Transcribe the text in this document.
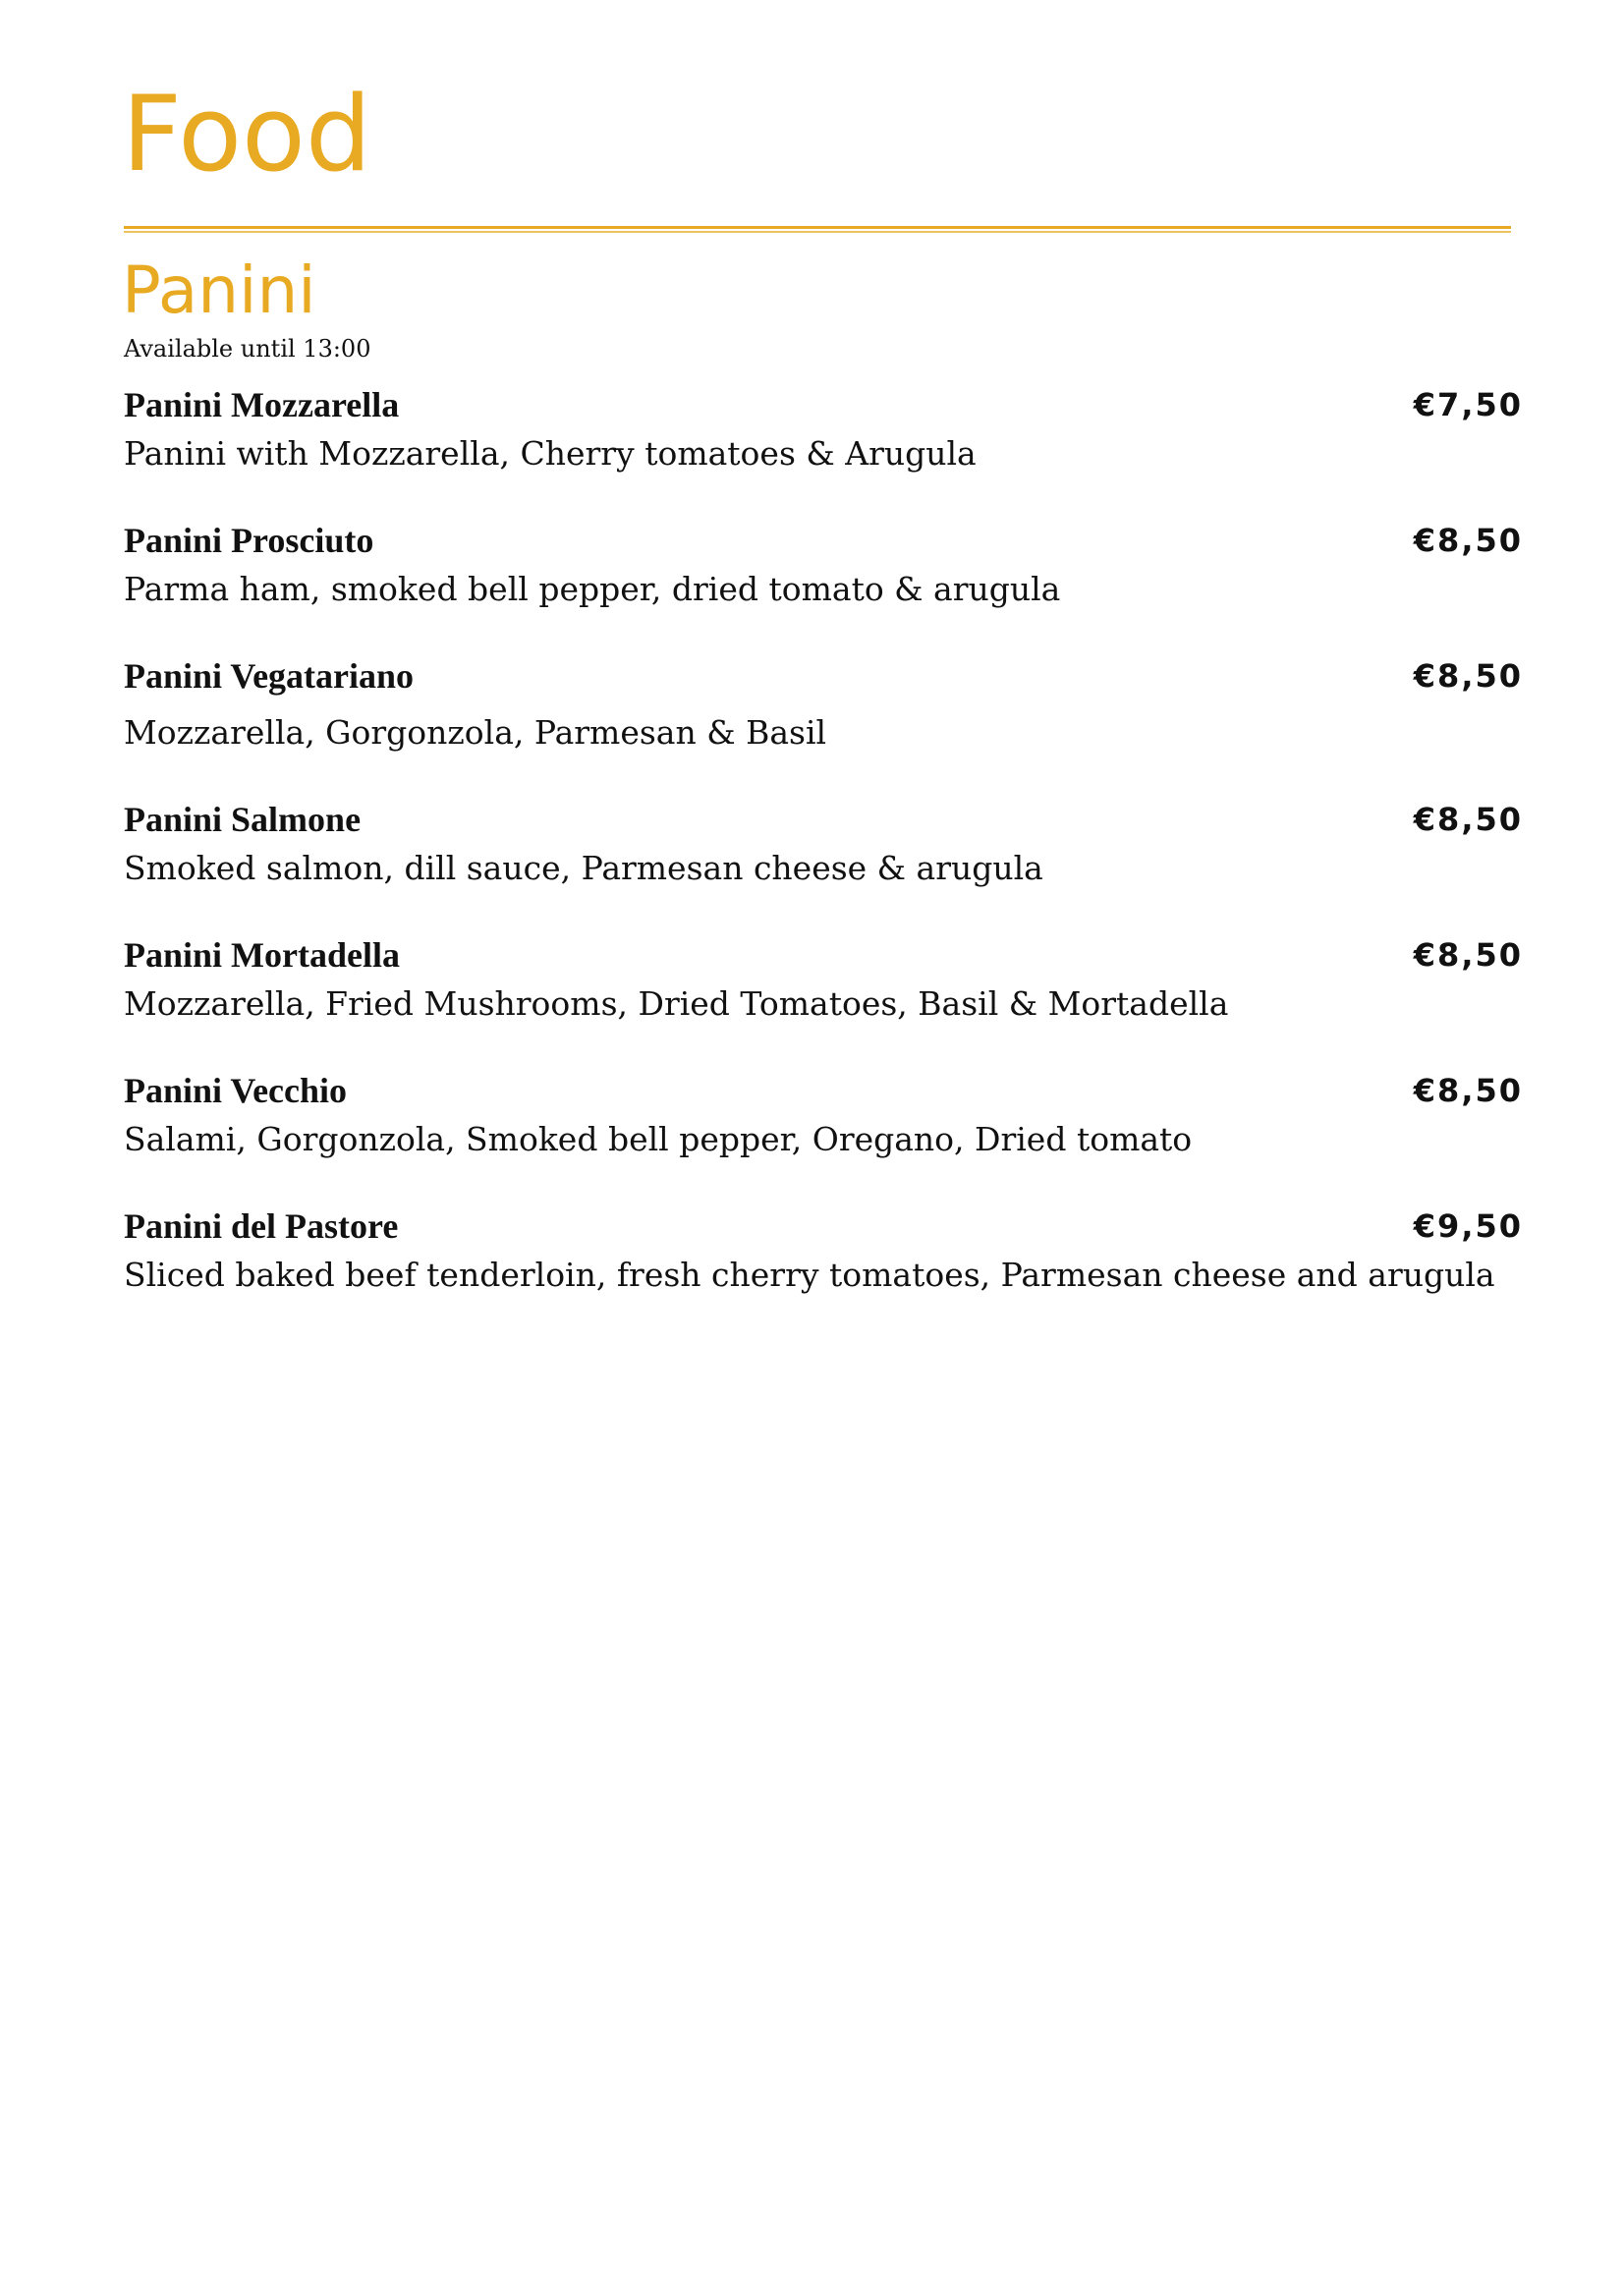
Food
Panini
Available until 13:00
Panini Mozzarella	€7,50
Panini with Mozzarella, Cherry tomatoes & Arugula
Panini Prosciuto	€8,50
Parma ham, smoked bell pepper, dried tomato & arugula
Panini Vegatariano	€8,50
Mozzarella, Gorgonzola, Parmesan & Basil
Panini Salmone	€8,50
Smoked salmon, dill sauce, Parmesan cheese & arugula
Panini Mortadella	€8,50
Mozzarella, Fried Mushrooms, Dried Tomatoes, Basil & Mortadella
Panini Vecchio	€8,50
Salami, Gorgonzola, Smoked bell pepper, Oregano, Dried tomato
Panini del Pastore	€9,50
Sliced baked beef tenderloin, fresh cherry tomatoes, Parmesan cheese and arugula
